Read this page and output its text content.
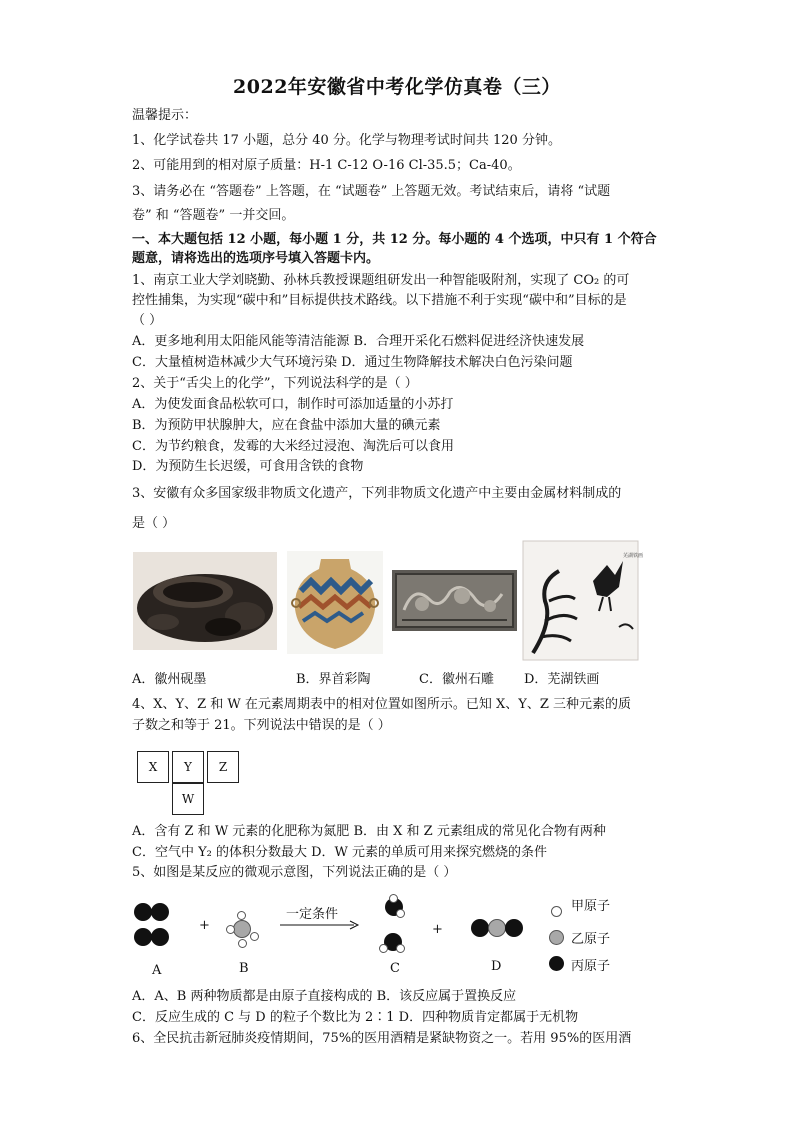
2022年安徽省中考化学仿真卷（三）
温馨提示：
1、化学试卷共 17 小题，总分 40 分。化学与物理考试时间共 120 分钟。
2、可能用到的相对原子质量：H-1 C-12 O-16 Cl-35.5；Ca-40。
3、请务必在 “答题卷” 上答题，在 “试题卷” 上答题无效。考试结束后，请将 “试题
卷” 和 “答题卷” 一并交回。
一、本大题包括 12 小题，每小题 1 分，共 12 分。每小题的 4 个选项，中只有 1 个符合
题意，请将选出的选项序号填入答题卡内。
1、南京工业大学刘晓勤、孙林兵教授课题组研发出一种智能吸附剂，实现了 CO₂ 的可
控性捕集，为实现“碳中和”目标提供技术路线。以下措施不利于实现“碳中和”目标的是
（ ）
A．更多地利用太阳能风能等清洁能源 B．合理开采化石燃料促进经济快速发展
C．大量植树造林减少大气环境污染 D．通过生物降解技术解决白色污染问题
2、关于“舌尖上的化学”，下列说法科学的是（ ）
A．为使发面食品松软可口，制作时可添加适量的小苏打
B．为预防甲状腺肿大，应在食盐中添加大量的碘元素
C．为节约粮食，发霉的大米经过浸泡、淘洗后可以食用
D．为预防生长迟缓，可食用含铁的食物
3、安徽有众多国家级非物质文化遗产，下列非物质文化遗产中主要由金属材料制成的
是（ ）
芜湖铁画
A．徽州砚墨	B．界首彩陶	C．徽州石雕 D．芜湖铁画
4、X、Y、Z 和 W 在元素周期表中的相对位置如图所示。已知 X、Y、Z 三种元素的质
子数之和等于 21。下列说法中错误的是（ ）
X	Y	Z
W
A．含有 Z 和 W 元素的化肥称为氮肥 B．由 X 和 Z 元素组成的常见化合物有两种
C．空气中 Y₂ 的体积分数最大 D．W 元素的单质可用来探究燃烧的条件
5、如图是某反应的微观示意图，下列说法正确的是（ ）
A
+
B
一定条件
C
+
D
甲原子
乙原子
丙原子
A．A、B 两种物质都是由原子直接构成的 B．该反应属于置换反应
C．反应生成的 C 与 D 的粒子个数比为 2∶1 D．四种物质肯定都属于无机物
6、全民抗击新冠肺炎疫情期间，75%的医用酒精是紧缺物资之一。若用 95%的医用酒
